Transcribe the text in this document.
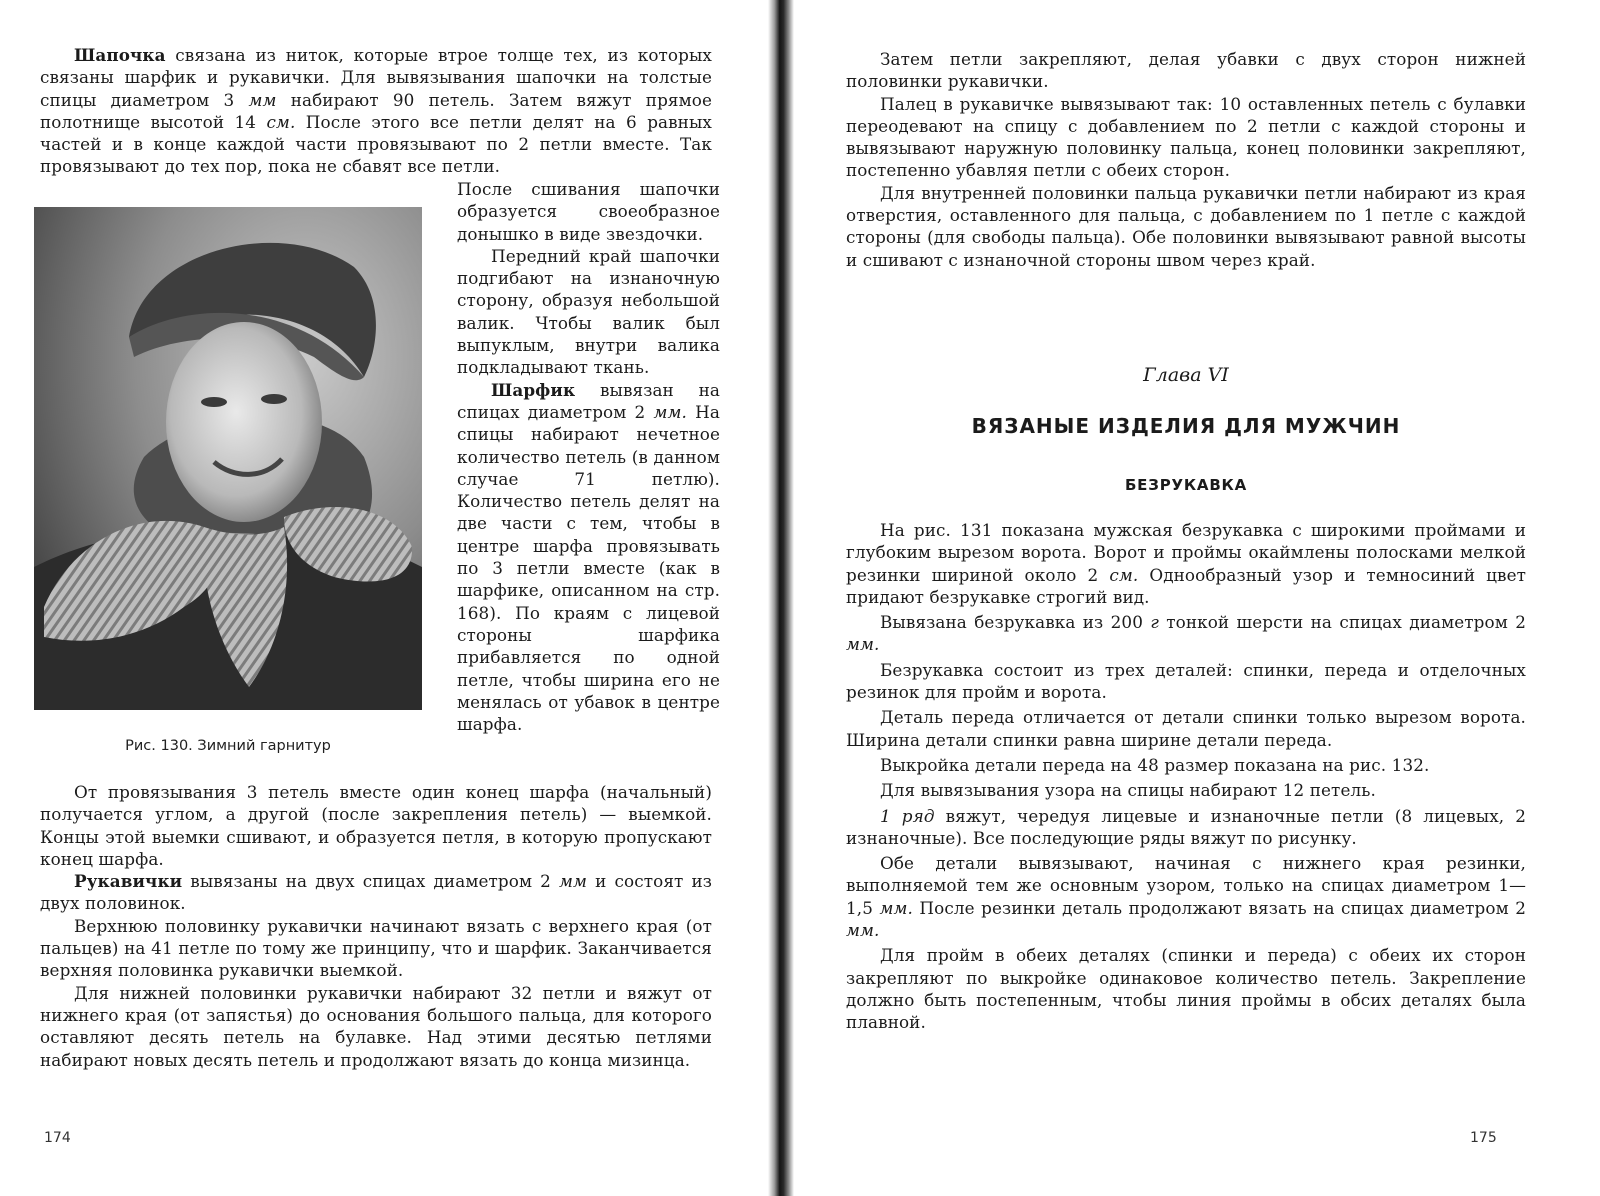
Шапочка связана из ниток, которые втрое толще тех, из которых связаны шарфик и рукавички. Для вывязывания шапочки на толстые спицы диаметром 3 мм набирают 90 петель. Затем вяжут прямое полотнище высотой 14 см. После этого все петли делят на 6 равных частей и в конце каждой части провязывают по 2 петли вместе. Так провязывают до тех пор, пока не сбавят все петли.

Рис. 130. Зимний гарнитур

После сшивания шапочки образуется своеобразное донышко в виде звездочки.

Передний край шапочки подгибают на изнаночную сторону, образуя небольшой валик. Чтобы валик был выпуклым, внутри валика подкладывают ткань.

Шарфик вывязан на спицах диаметром 2 мм. На спицы набирают нечетное количество петель (в данном случае 71 петлю). Количество петель делят на две части с тем, чтобы в центре шарфа провязывать по 3 петли вместе (как в шарфике, описанном на стр. 168). По краям с лицевой стороны шарфика прибавляется по одной петле, чтобы ширина его не менялась от убавок в центре шарфа.

От провязывания 3 петель вместе один конец шарфа (начальный) получается углом, а другой (после закрепления петель) — выемкой. Концы этой выемки сшивают, и образуется петля, в которую пропускают конец шарфа.

Рукавички вывязаны на двух спицах диаметром 2 мм и состоят из двух половинок.

Верхнюю половинку рукавички начинают вязать с верхнего края (от пальцев) на 41 петле по тому же принципу, что и шарфик. Заканчивается верхняя половинка рукавички выемкой.

Для нижней половинки рукавички набирают 32 петли и вяжут от нижнего края (от запястья) до основания большого пальца, для которого оставляют десять петель на булавке. Над этими десятью петлями набирают новых десять петель и продолжают вязать до конца мизинца.

174

Затем петли закрепляют, делая убавки с двух сторон нижней половинки рукавички.

Палец в рукавичке вывязывают так: 10 оставленных петель с булавки переодевают на спицу с добавлением по 2 петли с каждой стороны и вывязывают наружную половинку пальца, конец половинки закрепляют, постепенно убавляя петли с обеих сторон.

Для внутренней половинки пальца рукавички петли набирают из края отверстия, оставленного для пальца, с добавлением по 1 петле с каждой стороны (для свободы пальца). Обе половинки вывязывают равной высоты и сшивают с изнаночной стороны швом через край.

Глава VI
ВЯЗАНЫЕ ИЗДЕЛИЯ ДЛЯ МУЖЧИН
БЕЗРУКАВКА

На рис. 131 показана мужская безрукавка с широкими проймами и глубоким вырезом ворота. Ворот и проймы окаймлены полосками мелкой резинки шириной около 2 см. Однообразный узор и темносиний цвет придают безрукавке строгий вид.

Вывязана безрукавка из 200 г тонкой шерсти на спицах диаметром 2 мм.

Безрукавка состоит из трех деталей: спинки, переда и отделочных резинок для пройм и ворота.

Деталь переда отличается от детали спинки только вырезом ворота. Ширина детали спинки равна ширине детали переда.

Выкройка детали переда на 48 размер показана на рис. 132.

Для вывязывания узора на спицы набирают 12 петель.

1 ряд вяжут, чередуя лицевые и изнаночные петли (8 лицевых, 2 изнаночные). Все последующие ряды вяжут по рисунку.

Обе детали вывязывают, начиная с нижнего края резинки, выполняемой тем же основным узором, только на спицах диаметром 1—1,5 мм. После резинки деталь продолжают вязать на спицах диаметром 2 мм.

Для пройм в обеих деталях (спинки и переда) с обеих их сторон закрепляют по выкройке одинаковое количество петель. Закрепление должно быть постепенным, чтобы линия проймы в обсих деталях была плавной.

175
